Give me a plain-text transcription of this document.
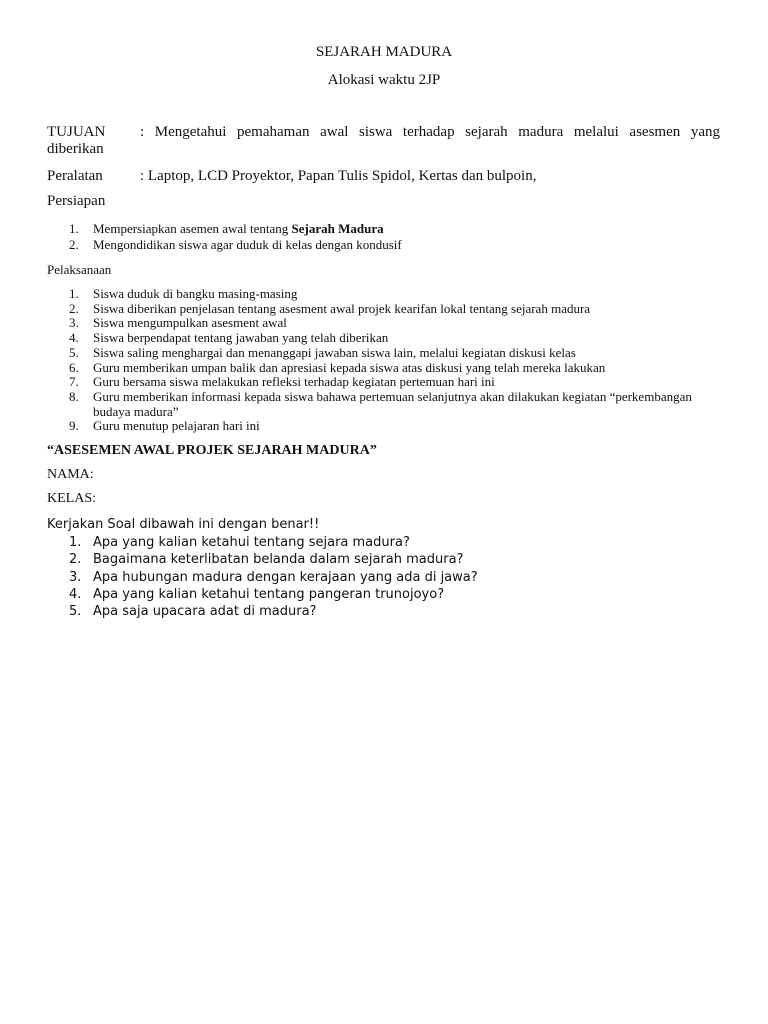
SEJARAH MADURA
Alokasi waktu 2JP
TUJUAN : Mengetahui pemahaman awal siswa terhadap sejarah madura melalui asesmen yang
diberikan
Peralatan : Laptop, LCD Proyektor, Papan Tulis Spidol, Kertas dan bulpoin,
Persiapan
1. Mempersiapkan asemen awal tentang Sejarah Madura
2. Mengondidikan siswa agar duduk di kelas dengan kondusif
Pelaksanaan
1. Siswa duduk di bangku masing-masing
2. Siswa diberikan penjelasan tentang asesment awal projek kearifan lokal tentang sejarah madura
3. Siswa mengumpulkan asesment awal
4. Siswa berpendapat tentang jawaban yang telah diberikan
5. Siswa saling menghargai dan menanggapi jawaban siswa lain, melalui kegiatan diskusi kelas
6. Guru memberikan umpan balik dan apresiasi kepada siswa atas diskusi yang telah mereka lakukan
7. Guru bersama siswa melakukan refleksi terhadap kegiatan pertemuan hari ini
8. Guru memberikan informasi kepada siswa bahawa pertemuan selanjutnya akan dilakukan kegiatan “perkembangan budaya madura”
9. Guru menutup pelajaran hari ini
“ASESEMEN AWAL PROJEK SEJARAH MADURA”
NAMA:
KELAS:
Kerjakan Soal dibawah ini dengan benar!!
1. Apa yang kalian ketahui tentang sejara madura?
2. Bagaimana keterlibatan belanda dalam sejarah madura?
3. Apa hubungan madura dengan kerajaan yang ada di jawa?
4. Apa yang kalian ketahui tentang pangeran trunojoyo?
5. Apa saja upacara adat di madura?
